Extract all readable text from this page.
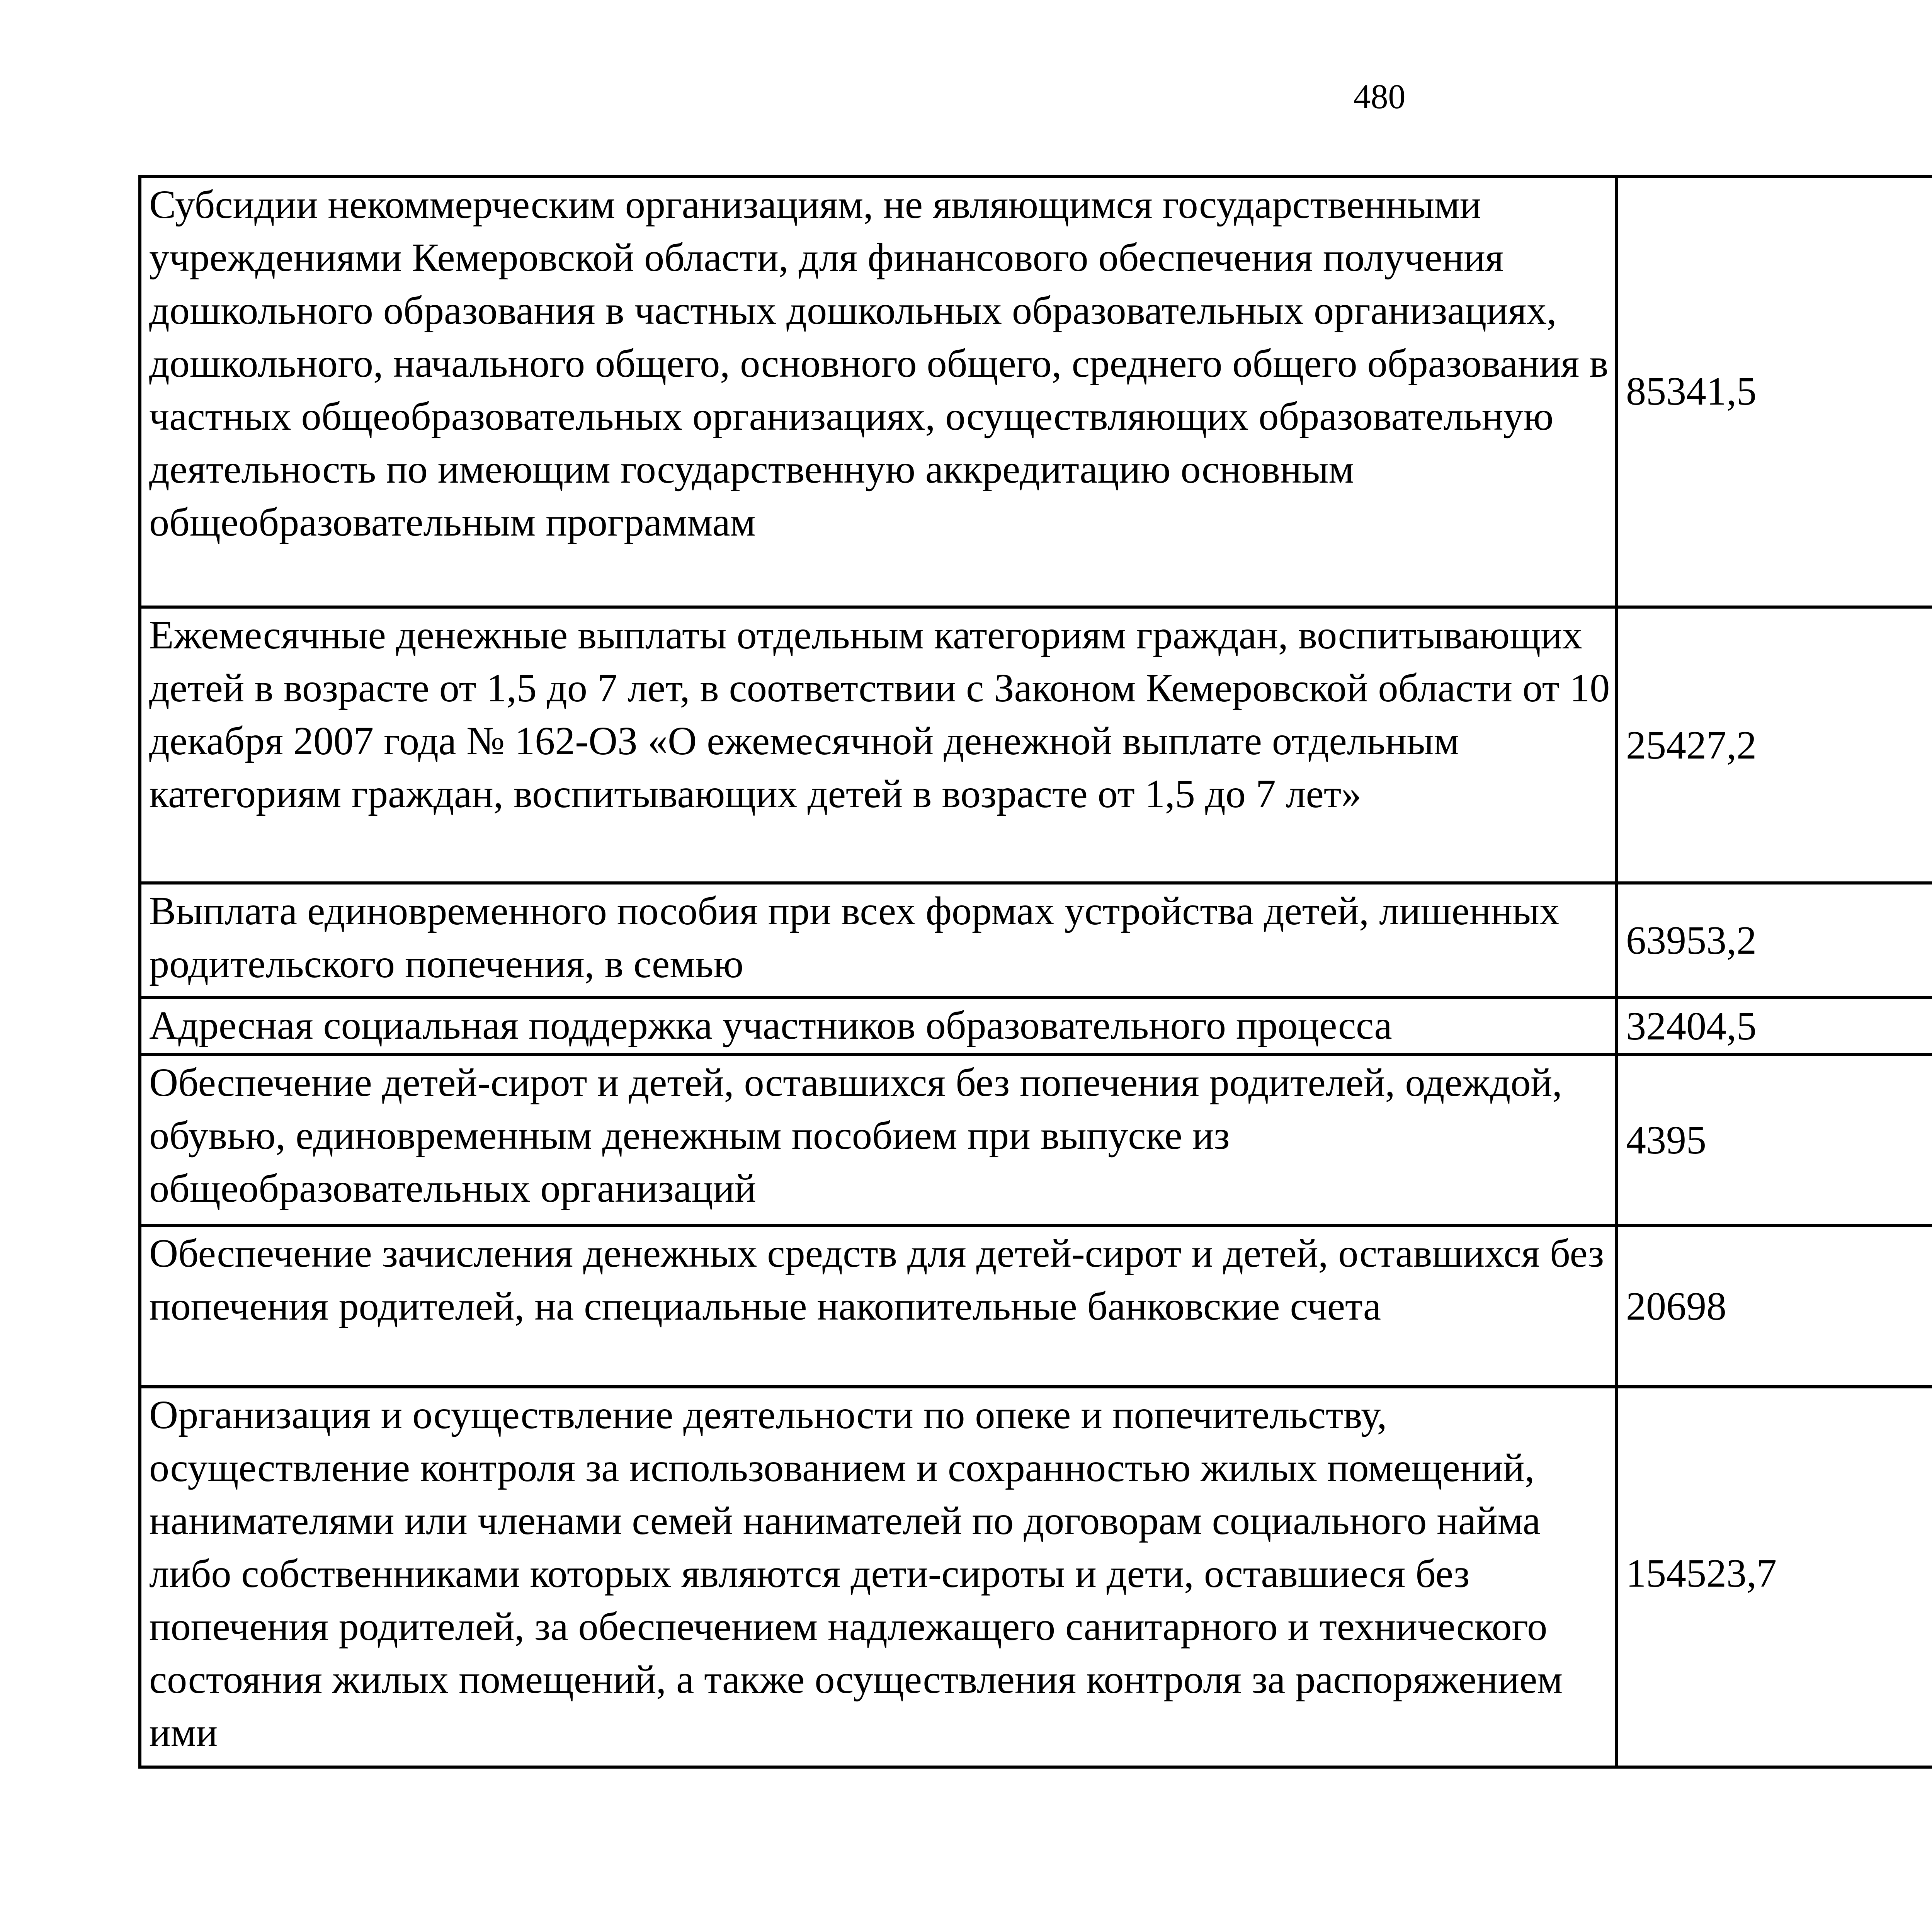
480
Субсидии некоммерческим организациям, не являющимся государственными учреждениями Кемеровской области, для финансового обеспечения получения дошкольного образования в частных дошкольных образовательных организациях, дошкольного, начального общего, основного общего, среднего общего образования в частных общеобразовательных организациях, осуществляющих образовательную деятельность по имеющим государственную аккредитацию основным общеобразовательным программам	85341,5		
Ежемесячные денежные выплаты отдельным категориям граждан, воспитывающих детей в возрасте от 1,5 до 7 лет, в соответствии с Законом Кемеровской области от 10 декабря 2007 года № 162-ОЗ «О ежемесячной денежной выплате отдельным категориям граждан, воспитывающих детей в возрасте от 1,5 до 7 лет»	25427,2		
Выплата единовременного пособия при всех формах устройства детей, лишенных родительского попечения, в семью	63953,2		
Адресная социальная поддержка участников образовательного процесса	32404,5		
Обеспечение детей-сирот и детей, оставшихся без попечения родителей, одеждой, обувью, единовременным денежным пособием при выпуске из общеобразовательных организаций	4395		
Обеспечение зачисления денежных средств для детей-сирот и детей, оставшихся без попечения родителей, на специальные накопительные банковские счета	20698		
Организация и осуществление деятельности по опеке и попечительству, осуществление контроля за использованием и сохранностью жилых помещений, нанимателями или членами семей нанимателей по договорам социального найма либо собственниками которых являются дети-сироты и дети, оставшиеся без попечения родителей, за обеспечением надлежащего санитарного и технического состояния жилых помещений, а также осуществления контроля за распоряжением ими	154523,7		
